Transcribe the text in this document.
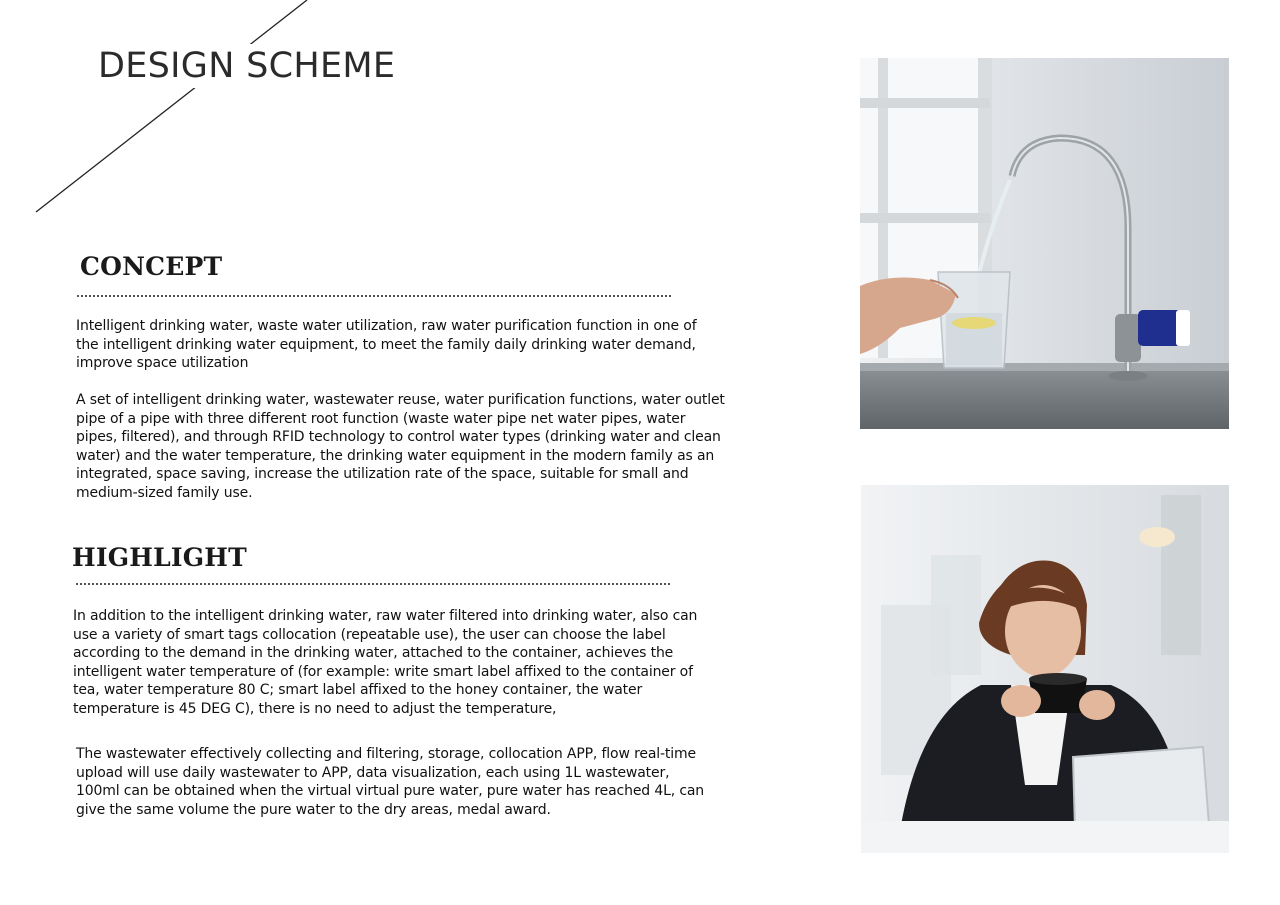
DESIGN SCHEME
CONCEPT

Intelligent drinking water, waste water utilization, raw water purification function in one of the intelligent drinking water equipment, to meet the family daily drinking water demand, improve space utilization

A set of intelligent drinking water, wastewater reuse, water purification functions, water outlet pipe of a pipe with three different root function (waste water pipe net water pipes, water pipes, filtered), and through RFID technology to control water types (drinking water and clean water) and the water temperature, the drinking water equipment in the modern family as an integrated, space saving, increase the utilization rate of the space, suitable for small and medium-sized family use.

HIGHLIGHT

In addition to the intelligent drinking water, raw water filtered into drinking water, also can use a variety of smart tags collocation (repeatable use), the user can choose the label according to the demand in the drinking water, attached to the container, achieves the intelligent water temperature of (for example: write smart label affixed to the container of tea, water temperature 80 C; smart label affixed to the honey container, the water temperature is 45 DEG C), there is no need to adjust the temperature,

The wastewater effectively collecting and filtering, storage, collocation APP, flow real-time upload will use daily wastewater to APP, data visualization, each using 1L wastewater, 100ml can be obtained when the virtual virtual pure water, pure water has reached 4L, can give the same volume the pure water to the dry areas, medal award.
